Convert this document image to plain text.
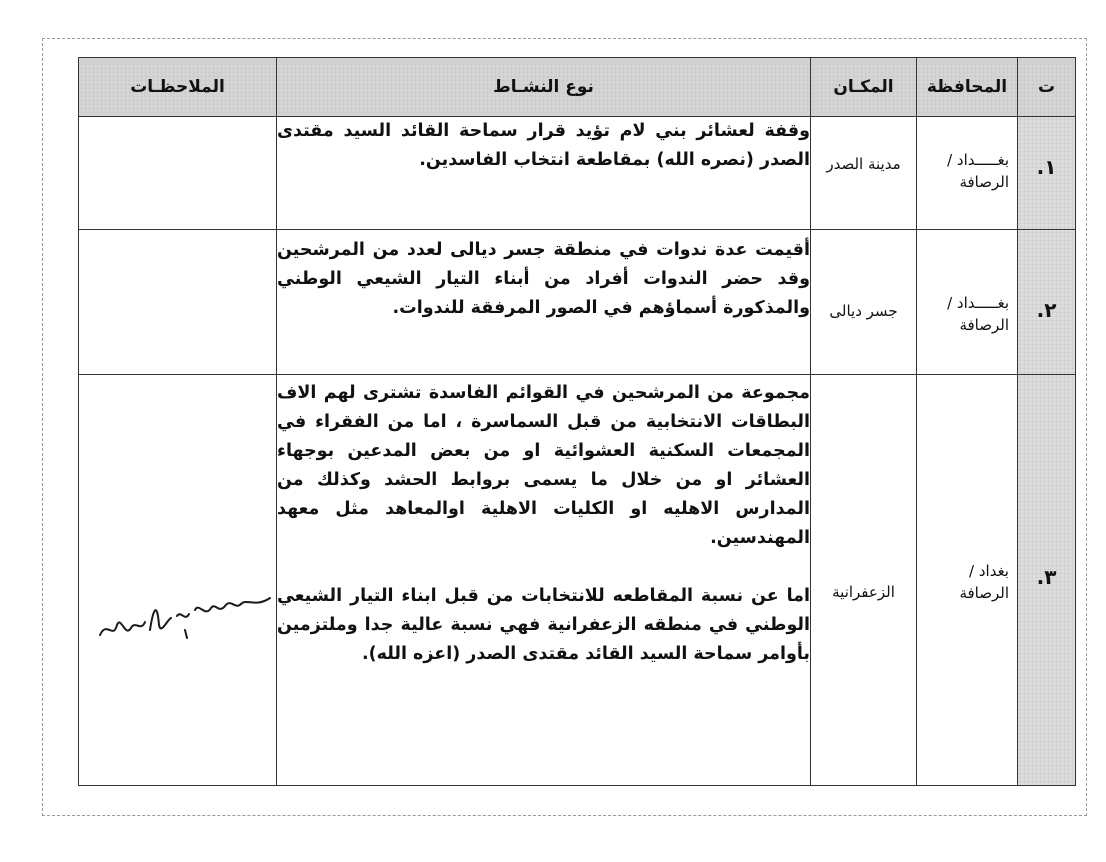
ت	المحافظة	المكـان	نوع النشـاط	الملاحظـات

١.	بغـــــداد / الرصافة	مدينة الصدر	وقفة لعشائر بني لام تؤيد قرار سماحة القائد السيد مقتدى الصدر (نصره الله) بمقاطعة انتخاب الفاسدين.	

٢.	بغـــــداد / الرصافة	جسر ديالى	أقيمت عدة ندوات في منطقة جسر ديالى لعدد من المرشحين وقد حضر الندوات أفراد من أبناء التيار الشيعي الوطني والمذكورة أسماؤهم في الصور المرفقة للندوات.	

٣.	بغداد / الرصافة	الزعفرانية	مجموعة من المرشحين في القوائم الفاسدة تشترى لهم الاف البطاقات الانتخابية من قبل السماسرة ، اما من الفقراء في المجمعات السكنية العشوائية او من بعض المدعين بوجهاء العشائر او من خلال ما يسمى بروابط الحشد وكذلك من المدارس الاهليه او الكليات الاهلية اوالمعاهد مثل معهد المهندسين.

اما عن نسبة المقاطعه للانتخابات من قبل ابناء التيار الشيعي الوطني في منطقه الزعفرانية فهي نسبة عالية جدا وملتزمين بأوامر سماحة السيد القائد مقتدى الصدر (اعزه الله).	
